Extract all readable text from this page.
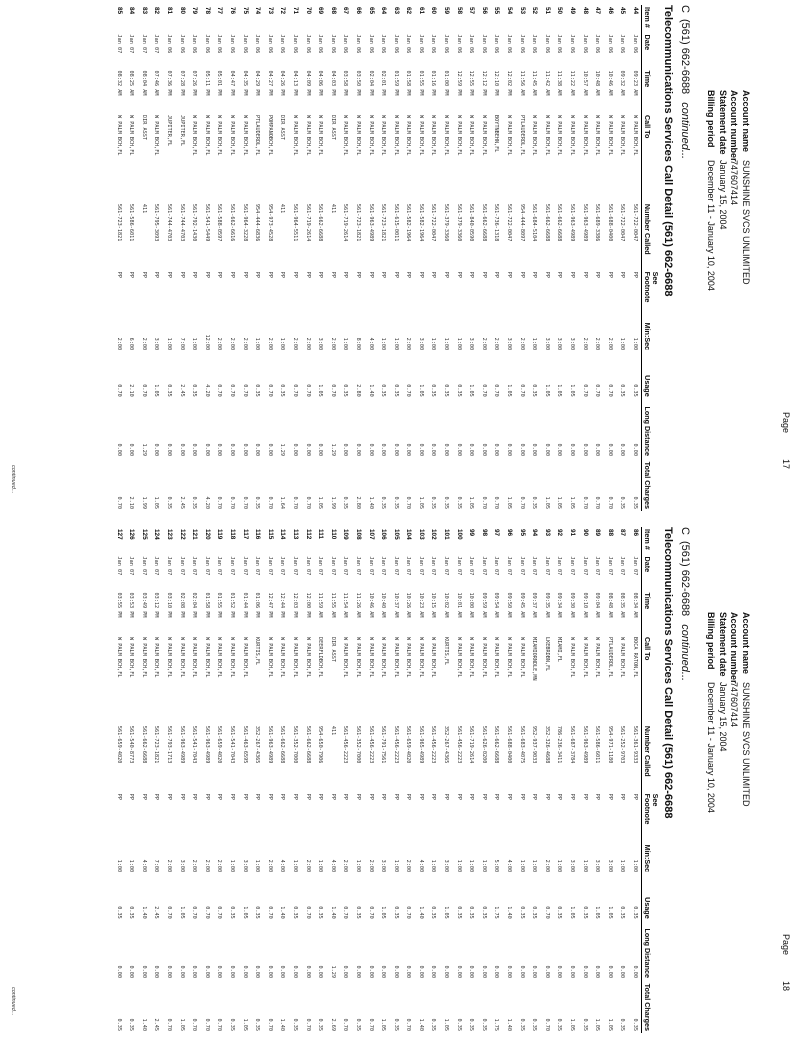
Account name
SUNSHINE SVCS UNLIMITED
Account number
747607414
Statement date
January 15, 2004
Billing period
December 11 - January 10, 2004
Page
17
C(561) 662-6688continued...
Telecommunications Services Call Detail (561) 662-6688
Item #	Date	Time	Call To	Number Called	See Footnote	Min:Sec	Usage	Long Distance	Total Charges
44	Jan 06	09:23 AM	W PALM BCH,FL	561-722-0047	PP	1:00	0.35	0.00	0.35
45	Jan 06	09:32 AM	W PALM BCH,FL	561-722-0047	PP	1:00	0.35	0.00	0.35
46	Jan 06	10:46 AM	W PALM BCH,FL	561-688-0400	PP	2:00	0.70	0.00	0.70
47	Jan 06	10:48 AM	W PALM BCH,FL	561-689-3386	PP	2:00	0.70	0.00	0.70
48	Jan 06	10:57 AM	W PALM BCH,FL	561-963-4989	PP	2:00	0.70	0.00	0.70
49	Jan 06	11:22 AM	W PALM BCH,FL	561-963-4989	PP	3:00	1.05	0.00	1.05
50	Jan 06	11:38 AM	W PALM BCH,FL	561-662-6688	PP	3:00	1.05	0.00	1.05
51	Jan 06	11:42 AM	W PALM BCH,FL	561-662-6688	PP	3:00	1.05	0.00	1.05
52	Jan 06	11:45 AM	W PALM BCH,FL	561-684-5104	PP	1:00	0.35	0.00	0.35
53	Jan 06	11:56 AM	PTLAUDERDL,FL	954-444-8097	PP	2:00	0.70	0.00	0.70
54	Jan 06	12:02 PM	W PALM BCH,FL	561-722-0047	PP	3:00	1.05	0.00	1.05
55	Jan 06	12:10 PM	BOYTNBEHN,FL	561-736-1318	PP	2:00	0.70	0.00	0.70
56	Jan 06	12:12 PM	W PALM BCH,FL	561-662-6688	PP	2:00	0.70	0.00	0.70
57	Jan 06	12:55 PM	W PALM BCH,FL	561-840-0590	PP	3:00	1.05	0.00	1.05
58	Jan 06	12:59 PM	W PALM BCH,FL	561-379-3360	PP	1:00	0.35	0.00	0.35
59	Jan 06	01:00 PM	W PALM BCH,FL	561-379-3360	PP	1:00	0.35	0.00	0.35
60	Jan 06	01:16 PM	W PALM BCH,FL	561-722-0047	PP	1:00	0.35	0.00	0.35
61	Jan 06	01:55 PM	W PALM BCH,FL	561-582-1964	PP	3:00	1.05	0.00	1.05
62	Jan 06	01:58 PM	W PALM BCH,FL	561-582-1964	PP	2:00	0.70	0.00	0.70
63	Jan 06	01:59 PM	W PALM BCH,FL	561-615-0011	PP	1:00	0.35	0.00	0.35
64	Jan 06	02:01 PM	W PALM BCH,FL	561-723-1821	PP	1:00	0.35	0.00	0.35
65	Jan 06	02:04 PM	W PALM BCH,FL	561-963-4989	PP	4:00	1.40	0.00	1.40
66	Jan 06	03:50 PM	W PALM BCH,FL	561-723-1821	PP	8:00	2.80	0.00	2.80
67	Jan 06	03:58 PM	W PALM BCH,FL	561-719-2614	PP	1:00	0.35	0.00	0.35
68	Jan 06	04:03 PM	DIR ASST	411	PP	2:00	0.70	1.29	1.99
69	Jan 06	04:06 PM	W PALM BCH,FL	561-662-6688	PP	3:00	1.05	0.00	1.05
70	Jan 06	04:09 PM	W PALM BCH,FL	561-719-2614	PP	2:00	0.70	0.00	0.70
71	Jan 06	04:13 PM	W PALM BCH,FL	561-964-5511	PP	2:00	0.70	0.00	0.70
72	Jan 06	04:26 PM	DIR ASST	411	PP	1:00	0.35	1.29	1.64
73	Jan 06	04:27 PM	POMPANOBCH,FL	954-973-4528	PP	2:00	0.70	0.00	0.70
74	Jan 06	04:29 PM	PTLAUDERDL,FL	954-444-6836	PP	1:00	0.35	0.00	0.35
75	Jan 06	04:35 PM	W PALM BCH,FL	561-964-3228	PP	2:00	0.70	0.00	0.70
76	Jan 06	04:47 PM	W PALM BCH,FL	561-662-6616	PP	2:00	0.70	0.00	0.70
77	Jan 06	05:01 PM	W PALM BCH,FL	561-588-0597	PP	2:00	0.70	0.00	0.70
78	Jan 06	05:11 PM	W PALM BCH,FL	561-541-5449	PP	12:00	4.20	0.00	4.20
79	Jan 06	07:26 PM	W PALM BCH,FL	561-792-1430	PP	1:00	0.35	0.00	0.35
80	Jan 06	07:28 PM	JUPITER,FL	561-744-4703	PP	7:00	2.45	0.00	2.45
81	Jan 06	07:36 PM	JUPITER,FL	561-744-4703	PP	1:00	0.35	0.00	0.35
82	Jan 07	07:46 AM	W PALM BCH,FL	561-795-3093	PP	3:00	1.05	0.00	1.05
83	Jan 07	08:04 AM	DIR ASST	411	PP	2:00	0.70	1.29	1.99
84	Jan 07	08:25 AM	W PALM BCH,FL	561-586-6011	PP	6:00	2.10	0.00	2.10
85	Jan 07	08:32 AM	W PALM BCH,FL	561-723-1821	PP	2:00	0.70	0.00	0.70
continued...
Account name
SUNSHINE SVCS UNLIMITED
Account number
747607414
Statement date
January 15, 2004
Billing period
December 11 - January 10, 2004
Page
18
C(561) 662-6688continued...
Telecommunications Services Call Detail (561) 662-6688
Item #	Date	Time	Call To	Number Called	See Footnote	Min:Sec	Usage	Long Distance	Total Charges
86	Jan 07	08:34 AM	BOCA RATON,FL	561-361-9333	PP	1:00	0.35	0.00	0.35
87	Jan 07	08:35 AM	W PALM BCH,FL	561-252-9703	PP	1:00	0.35	0.00	0.35
88	Jan 07	08:48 AM	PTLAUDERDL,FL	954-971-1180	PP	3:00	1.05	0.00	1.05
89	Jan 07	09:04 AM	W PALM BCH,FL	561-586-6011	PP	3:00	1.05	0.00	1.05
90	Jan 07	09:10 AM	W PALM BCH,FL	561-963-4989	PP	1:00	0.35	0.00	0.35
91	Jan 07	09:30 AM	W PALM BCH,FL	561-687-3784	PP	3:00	1.05	0.00	1.05
92	Jan 07	09:34 AM	MIAMI,FL	786-236-3411	PP	1:00	0.35	0.00	0.35
93	Jan 07	09:35 AM	LKEBRDBN,FL	352-326-4688	PP	2:00	0.70	0.00	0.70
94	Jan 07	09:37 AM	MIAMIORNDLE,MN	952-937-9033	PP	1:00	0.35	0.00	0.35
95	Jan 07	09:45 AM	W PALM BCH,FL	561-683-4075	PP	1:00	0.35	0.00	0.35
96	Jan 07	09:50 AM	W PALM BCH,FL	561-688-0400	PP	4:00	1.40	0.00	1.40
97	Jan 07	09:54 AM	W PALM BCH,FL	561-662-6688	PP	5:00	1.75	0.00	1.75
98	Jan 07	09:59 AM	W PALM BCH,FL	561-626-0200	PP	1:00	0.35	0.00	0.35
99	Jan 07	10:00 AM	W PALM BCH,FL	561-719-2614	PP	1:00	0.35	0.00	0.35
100	Jan 07	10:01 AM	W PALM BCH,FL	561-456-2223	PP	1:00	0.35	0.00	0.35
101	Jan 07	10:02 AM	KURTIS,FL	352-267-4365	PP	3:00	1.05	0.00	1.05
102	Jan 07	10:15 AM	W PALM BCH,FL	561-456-2223	PP	1:00	0.35	0.00	0.35
103	Jan 07	10:23 AM	W PALM BCH,FL	561-965-4989	PP	4:00	1.40	0.00	1.40
104	Jan 07	10:26 AM	W PALM BCH,FL	561-659-4020	PP	2:00	0.70	0.00	0.70
105	Jan 07	10:37 AM	W PALM BCH,FL	561-456-2223	PP	1:00	0.35	0.00	0.35
106	Jan 07	10:40 AM	W PALM BCH,FL	561-791-7561	PP	3:00	1.05	0.00	1.05
107	Jan 07	10:46 AM	W PALM BCH,FL	561-456-2223	PP	2:00	0.70	0.00	0.70
108	Jan 07	11:26 AM	W PALM BCH,FL	561-352-7000	PP	1:00	0.35	0.00	0.35
109	Jan 07	11:54 AM	W PALM BCH,FL	561-456-2223	PP	2:00	0.70	0.00	0.70
110	Jan 07	11:55 AM	DIR ASST	411	PP	4:00	1.40	1.29	2.69
111	Jan 07	11:59 AM	DEERFLDBCH,FL	954-650-7906	PP	1:00	0.35	0.00	0.35
112	Jan 07	12:00 PM	W PALM BCH,FL	561-662-6688	PP	2:00	0.70	0.00	0.70
113	Jan 07	12:03 PM	W PALM BCH,FL	561-352-7000	PP	1:00	0.35	0.00	0.35
114	Jan 07	12:44 PM	W PALM BCH,FL	561-662-6688	PP	4:00	1.40	0.00	1.40
115	Jan 07	12:47 PM	W PALM BCH,FL	561-963-4989	PP	2:00	0.70	0.00	0.70
116	Jan 07	01:06 PM	KURTIS,FL	352-267-4365	PP	1:00	0.35	0.00	0.35
117	Jan 07	01:44 PM	W PALM BCH,FL	561-463-6595	PP	3:00	1.05	0.00	1.05
118	Jan 07	01:52 PM	W PALM BCH,FL	561-541-7043	PP	1:00	0.35	0.00	0.35
119	Jan 07	01:55 PM	W PALM BCH,FL	561-659-4020	PP	2:00	0.70	0.00	0.70
120	Jan 07	01:58 PM	W PALM BCH,FL	561-963-4989	PP	2:00	0.70	0.00	0.70
121	Jan 07	02:04 PM	W PALM BCH,FL	561-541-7043	PP	2:00	0.70	0.00	0.70
122	Jan 07	02:08 PM	W PALM BCH,FL	561-963-4989	PP	3:00	1.05	0.00	1.05
123	Jan 07	03:10 PM	W PALM BCH,FL	561-793-1713	PP	2:00	0.70	0.00	0.70
124	Jan 07	03:12 PM	W PALM BCH,FL	561-723-1821	PP	7:00	2.45	0.00	2.45
125	Jan 07	03:49 PM	W PALM BCH,FL	561-662-6688	PP	4:00	1.40	0.00	1.40
126	Jan 07	03:53 PM	W PALM BCH,FL	561-540-8773	PP	1:00	0.35	0.00	0.35
127	Jan 07	03:55 PM	W PALM BCH,FL	561-659-4020	PP	1:00	0.35	0.00	0.35
continued...
